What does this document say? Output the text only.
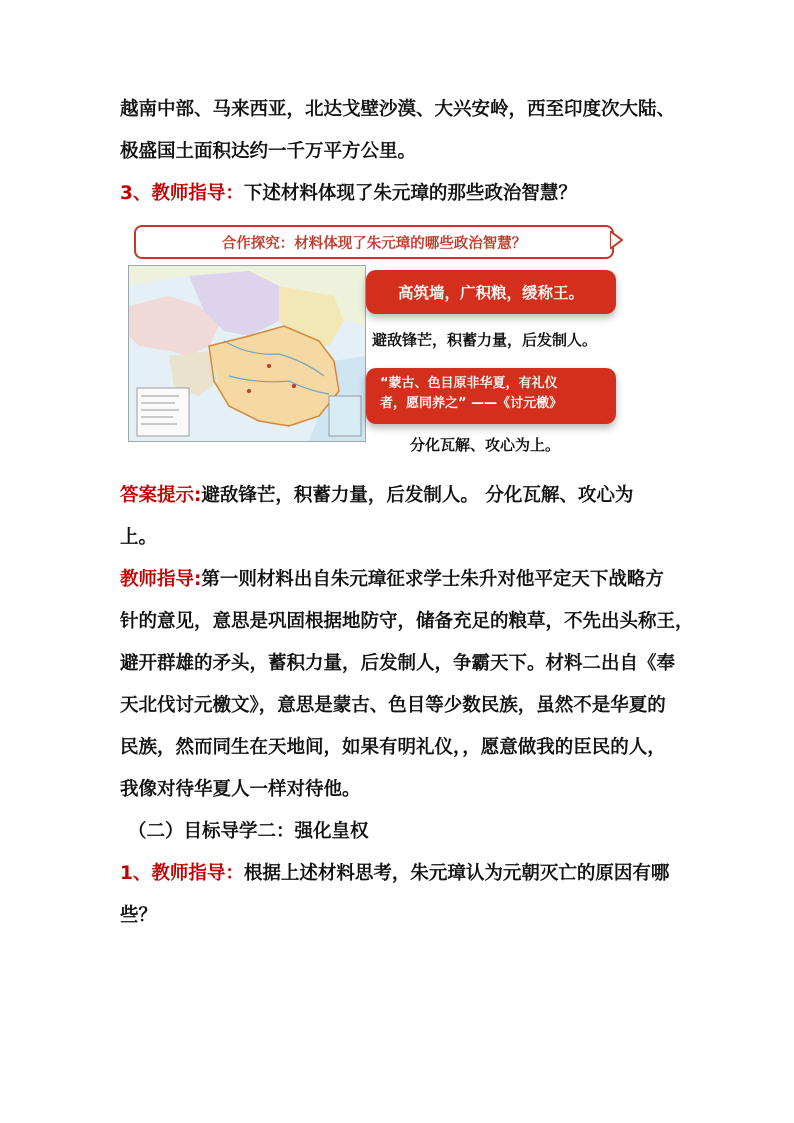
越南中部、马来西亚，北达戈壁沙漠、大兴安岭，西至印度次大陆、
极盛国土面积达约一千万平方公里。
3、教师指导：下述材料体现了朱元璋的那些政治智慧？
合作探究：材料体现了朱元璋的哪些政治智慧？
高筑墙，广积粮，缓称王。
避敌锋芒，积蓄力量，后发制人。
“蒙古、色目原非华夏，有礼仪
者，愿同养之” ——《讨元檄》
分化瓦解、攻心为上。
答案提示:避敌锋芒，积蓄力量，后发制人。 分化瓦解、攻心为
上。
教师指导:第一则材料出自朱元璋征求学士朱升对他平定天下战略方
针的意见，意思是巩固根据地防守，储备充足的粮草，不先出头称王，
避开群雄的矛头，蓄积力量，后发制人，争霸天下。材料二出自《奉
天北伐讨元檄文》，意思是蒙古、色目等少数民族，虽然不是华夏的
民族，然而同生在天地间，如果有明礼仪，，愿意做我的臣民的人，
我像对待华夏人一样对待他。
（二）目标导学二：强化皇权
1、教师指导：根据上述材料思考，朱元璋认为元朝灭亡的原因有哪
些？
